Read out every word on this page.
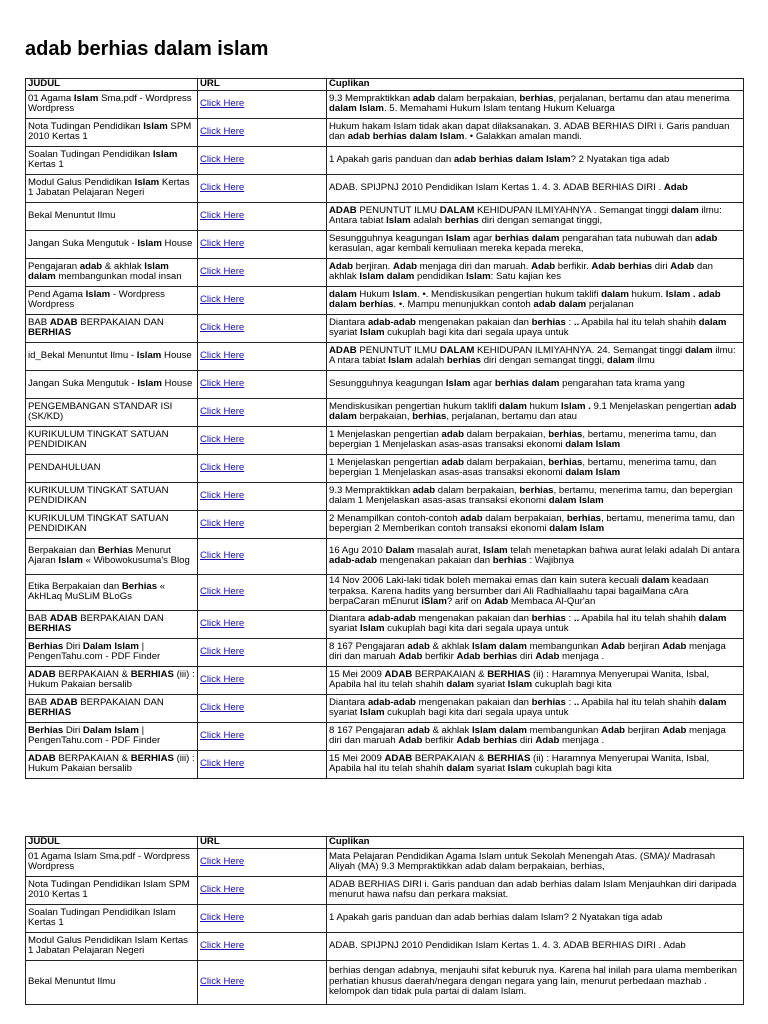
adab berhias dalam islam
JUDUL	URL	Cuplikan
01 Agama Islam Sma.pdf - Wordpress Wordpress	Click Here	9.3 Mempraktikkan adab dalam berpakaian, berhias, perjalanan, bertamu dan atau menerima dalam Islam. 5. Memahami Hukum Islam tentang Hukum Keluarga
Nota Tudingan Pendidikan Islam SPM 2010 Kertas 1	Click Here	Hukum hakam Islam tidak akan dapat dilaksanakan. 3. ADAB BERHIAS DIRI i. Garis panduan dan adab berhias dalam Islam. • Galakkan amalan mandi.
Soalan Tudingan Pendidikan Islam Kertas 1	Click Here	1 Apakah garis panduan dan adab berhias dalam Islam? 2 Nyatakan tiga adab
Modul Galus Pendidikan Islam Kertas 1 Jabatan Pelajaran Negeri	Click Here	ADAB. SPIJPNJ 2010 Pendidikan Islam Kertas 1. 4. 3. ADAB BERHIAS DIRI . Adab
Bekal Menuntut Ilmu	Click Here	ADAB PENUNTUT ILMU DALAM KEHIDUPAN ILMIYAHNYA . Semangat tinggi dalam ilmu: Antara tabiat Islam adalah berhias diri dengan semangat tinggi,
Jangan Suka Mengutuk - Islam House	Click Here	Sesungguhnya keagungan Islam agar berhias dalam pengarahan tata nubuwah dan adab kerasulan, agar kembali kemuliaan mereka kepada mereka,
Pengajaran adab & akhlak Islam dalam membangunkan modal insan	Click Here	Adab berjiran. Adab menjaga diri dan maruah. Adab berfikir. Adab berhias diri Adab dan akhlak Islam dalam pendidikan Islam: Satu kajian kes
Pend Agama Islam - Wordpress Wordpress	Click Here	dalam Hukum Islam. •. Mendiskusikan pengertian hukum taklifi dalam hukum. Islam . adab dalam berhias. •. Mampu menunjukkan contoh adab dalam perjalanan
BAB ADAB BERPAKAIAN DAN BERHIAS	Click Here	Diantara adab-adab mengenakan pakaian dan berhias : .. Apabila hal itu telah shahih dalam syariat Islam cukuplah bagi kita dari segala upaya untuk
id_Bekal Menuntut Ilmu - Islam House	Click Here	ADAB PENUNTUT ILMU DALAM KEHIDUPAN ILMIYAHNYA. 24. Semangat tinggi dalam ilmu: A ntara tabiat Islam adalah berhias diri dengan semangat tinggi, dalam ilmu
Jangan Suka Mengutuk - Islam House	Click Here	Sesungguhnya keagungan Islam agar berhias dalam pengarahan tata krama yang
PENGEMBANGAN STANDAR ISI (SK/KD)	Click Here	Mendiskusikan pengertian hukum taklifi dalam hukum Islam . 9.1 Menjelaskan pengertian adab dalam berpakaian, berhias, perjalanan, bertamu dan atau
KURIKULUM TINGKAT SATUAN PENDIDIKAN	Click Here	1 Menjelaskan pengertian adab dalam berpakaian, berhias, bertamu, menerima tamu, dan bepergian 1 Menjelaskan asas-asas transaksi ekonomi dalam Islam
PENDAHULUAN	Click Here	1 Menjelaskan pengertian adab dalam berpakaian, berhias, bertamu, menerima tamu, dan bepergian 1 Menjelaskan asas-asas transaksi ekonomi dalam Islam
KURIKULUM TINGKAT SATUAN PENDIDIKAN	Click Here	9.3 Mempraktikkan adab dalam berpakaian, berhias, bertamu, menerima tamu, dan bepergian dalam 1 Menjelaskan asas-asas transaksi ekonomi dalam Islam
KURIKULUM TINGKAT SATUAN PENDIDIKAN	Click Here	2 Menampilkan contoh-contoh adab dalam berpakaian, berhias, bertamu, menerima tamu, dan bepergian 2 Memberikan contoh transaksi ekonomi dalam Islam
Berpakaian dan Berhias Menurut Ajaran Islam « Wibowokusuma's Blog	Click Here	16 Agu 2010 Dalam masalah aurat, Islam telah menetapkan bahwa aurat lelaki adalah Di antara adab-adab mengenakan pakaian dan berhias : Wajibnya
Etika Berpakaian dan Berhias « AkHLaq MuSLiM BLoGs	Click Here	14 Nov 2006 Laki-laki tidak boleh memakai emas dan kain sutera kecuali dalam keadaan terpaksa. Karena hadits yang bersumber dari Ali Radhiallaahu tapai bagaiMana cAra berpaCaran mEnurut iSlam? arif on Adab Membaca Al-Qur'an
BAB ADAB BERPAKAIAN DAN BERHIAS	Click Here	Diantara adab-adab mengenakan pakaian dan berhias : .. Apabila hal itu telah shahih dalam syariat Islam cukuplah bagi kita dari segala upaya untuk
Berhias Diri Dalam Islam | PengenTahu.com - PDF Finder	Click Here	8 167 Pengajaran adab & akhlak Islam dalam membangunkan Adab berjiran Adab menjaga diri dan maruah Adab berfikir Adab berhias diri Adab menjaga .
ADAB BERPAKAIAN & BERHIAS (iii) : Hukum Pakaian bersalib	Click Here	15 Mei 2009 ADAB BERPAKAIAN & BERHIAS (ii) : Haramnya Menyerupai Wanita, Isbal, Apabila hal itu telah shahih dalam syariat Islam cukuplah bagi kita
BAB ADAB BERPAKAIAN DAN BERHIAS	Click Here	Diantara adab-adab mengenakan pakaian dan berhias : .. Apabila hal itu telah shahih dalam syariat Islam cukuplah bagi kita dari segala upaya untuk
Berhias Diri Dalam Islam | PengenTahu.com - PDF Finder	Click Here	8 167 Pengajaran adab & akhlak Islam dalam membangunkan Adab berjiran Adab menjaga diri dan maruah Adab berfikir Adab berhias diri Adab menjaga .
ADAB BERPAKAIAN & BERHIAS (iii) : Hukum Pakaian bersalib	Click Here	15 Mei 2009 ADAB BERPAKAIAN & BERHIAS (ii) : Haramnya Menyerupai Wanita, Isbal, Apabila hal itu telah shahih dalam syariat Islam cukuplah bagi kita
JUDUL	URL	Cuplikan
01 Agama Islam Sma.pdf - Wordpress Wordpress	Click Here	Mata Pelajaran Pendidikan Agama Islam untuk Sekolah Menengah Atas. (SMA)/ Madrasah Aliyah (MA) 9.3 Mempraktikkan adab dalam berpakaian, berhias,
Nota Tudingan Pendidikan Islam SPM 2010 Kertas 1	Click Here	ADAB BERHIAS DIRI i. Garis panduan dan adab berhias dalam Islam Menjauhkan diri daripada menurut hawa nafsu dan perkara maksiat.
Soalan Tudingan Pendidikan Islam Kertas 1	Click Here	1 Apakah garis panduan dan adab berhias dalam Islam? 2 Nyatakan tiga adab
Modul Galus Pendidikan Islam Kertas 1 Jabatan Pelajaran Negeri	Click Here	ADAB. SPIJPNJ 2010 Pendidikan Islam Kertas 1. 4. 3. ADAB BERHIAS DIRI . Adab
Bekal Menuntut Ilmu	Click Here	berhias dengan adabnya, menjauhi sifat keburuk nya. Karena hal inilah para ulama memberikan perhatian khusus daerah/negara dengan negara yang lain, menurut perbedaan mazhab . kelompok dan tidak pula partai di dalam Islam.
